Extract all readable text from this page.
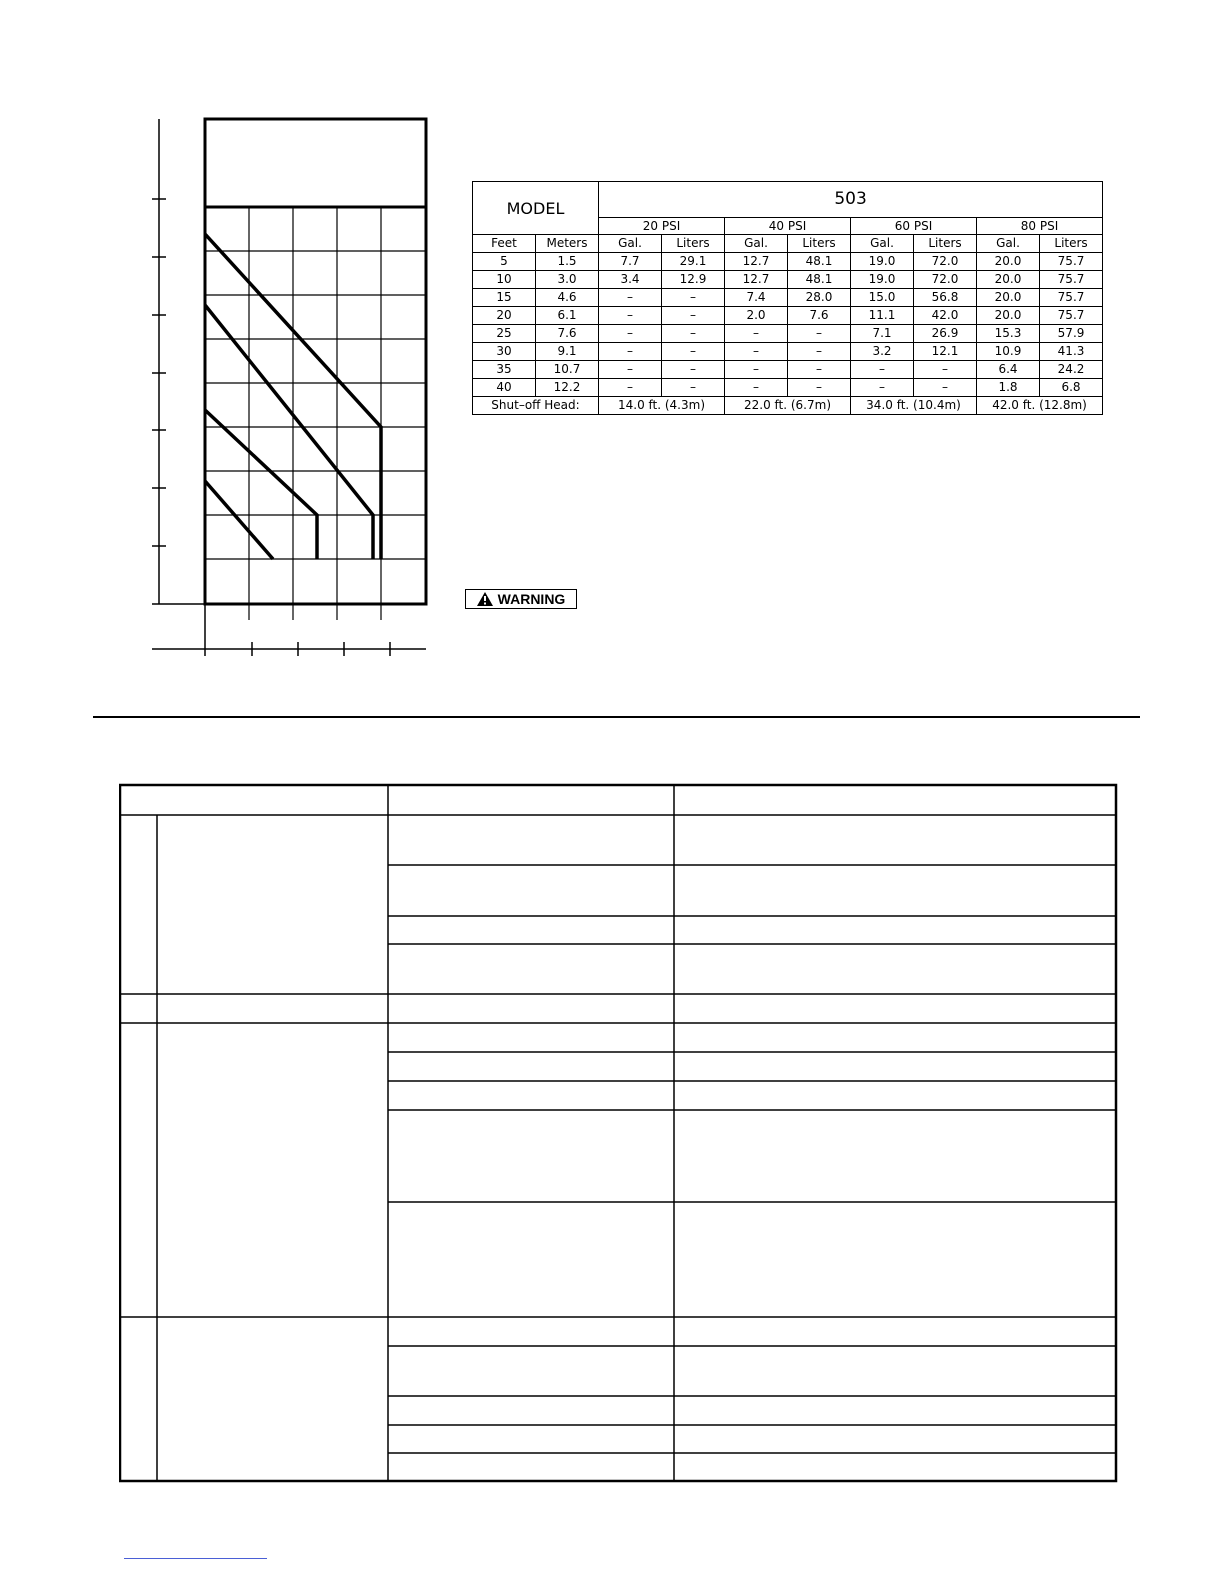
MODEL		503							
		20 PSI		40 PSI		60 PSI		80 PSI	
Feet	Meters	Gal.	Liters	Gal.	Liters	Gal.	Liters	Gal.	Liters
5	1.5	7.7	29.1	12.7	48.1	19.0	72.0	20.0	75.7
10	3.0	3.4	12.9	12.7	48.1	19.0	72.0	20.0	75.7
15	4.6	–	–	7.4	28.0	15.0	56.8	20.0	75.7
20	6.1	–	–	2.0	7.6	11.1	42.0	20.0	75.7
25	7.6	–	–	–	–	7.1	26.9	15.3	57.9
30	9.1	–	–	–	–	3.2	12.1	10.9	41.3
35	10.7	–	–	–	–	–	–	6.4	24.2
40	12.2	–	–	–	–	–	–	1.8	6.8
Shut–off Head:		14.0 ft. (4.3m)		22.0 ft. (6.7m)		34.0 ft. (10.4m)		42.0 ft. (12.8m)	
WARNING
